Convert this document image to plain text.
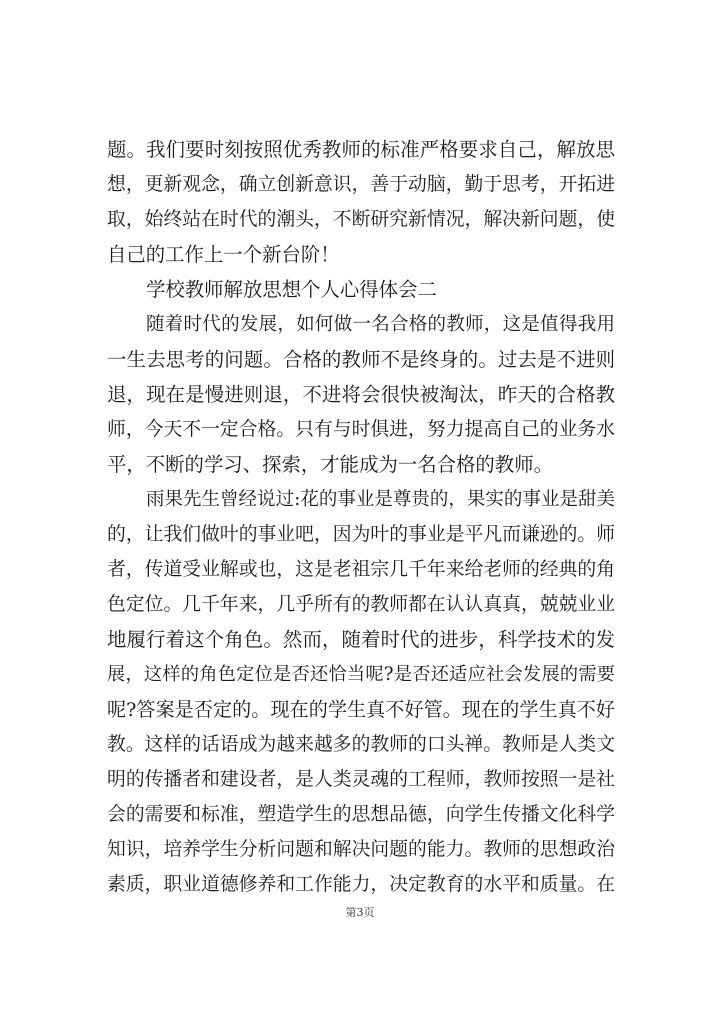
题。我们要时刻按照优秀教师的标准严格要求自己，解放思
想，更新观念，确立创新意识，善于动脑，勤于思考，开拓进
取，始终站在时代的潮头，不断研究新情况，解决新问题，使
自己的工作上一个新台阶！
学校教师解放思想个人心得体会二
随着时代的发展，如何做一名合格的教师，这是值得我用
一生去思考的问题。合格的教师不是终身的。过去是不进则
退，现在是慢进则退，不进将会很快被淘汰，昨天的合格教
师，今天不一定合格。只有与时俱进，努力提高自己的业务水
平，不断的学习、探索，才能成为一名合格的教师。
雨果先生曾经说过:花的事业是尊贵的，果实的事业是甜美
的，让我们做叶的事业吧，因为叶的事业是平凡而谦逊的。师
者，传道受业解或也，这是老祖宗几千年来给老师的经典的角
色定位。几千年来，几乎所有的教师都在认认真真，兢兢业业
地履行着这个角色。然而，随着时代的进步，科学技术的发
展，这样的角色定位是否还恰当呢?是否还适应社会发展的需要
呢?答案是否定的。现在的学生真不好管。现在的学生真不好
教。这样的话语成为越来越多的教师的口头禅。教师是人类文
明的传播者和建设者，是人类灵魂的工程师，教师按照一是社
会的需要和标准，塑造学生的思想品德，向学生传播文化科学
知识，培养学生分析问题和解决问题的能力。教师的思想政治
素质，职业道德修养和工作能力，决定教育的水平和质量。在
第3页
